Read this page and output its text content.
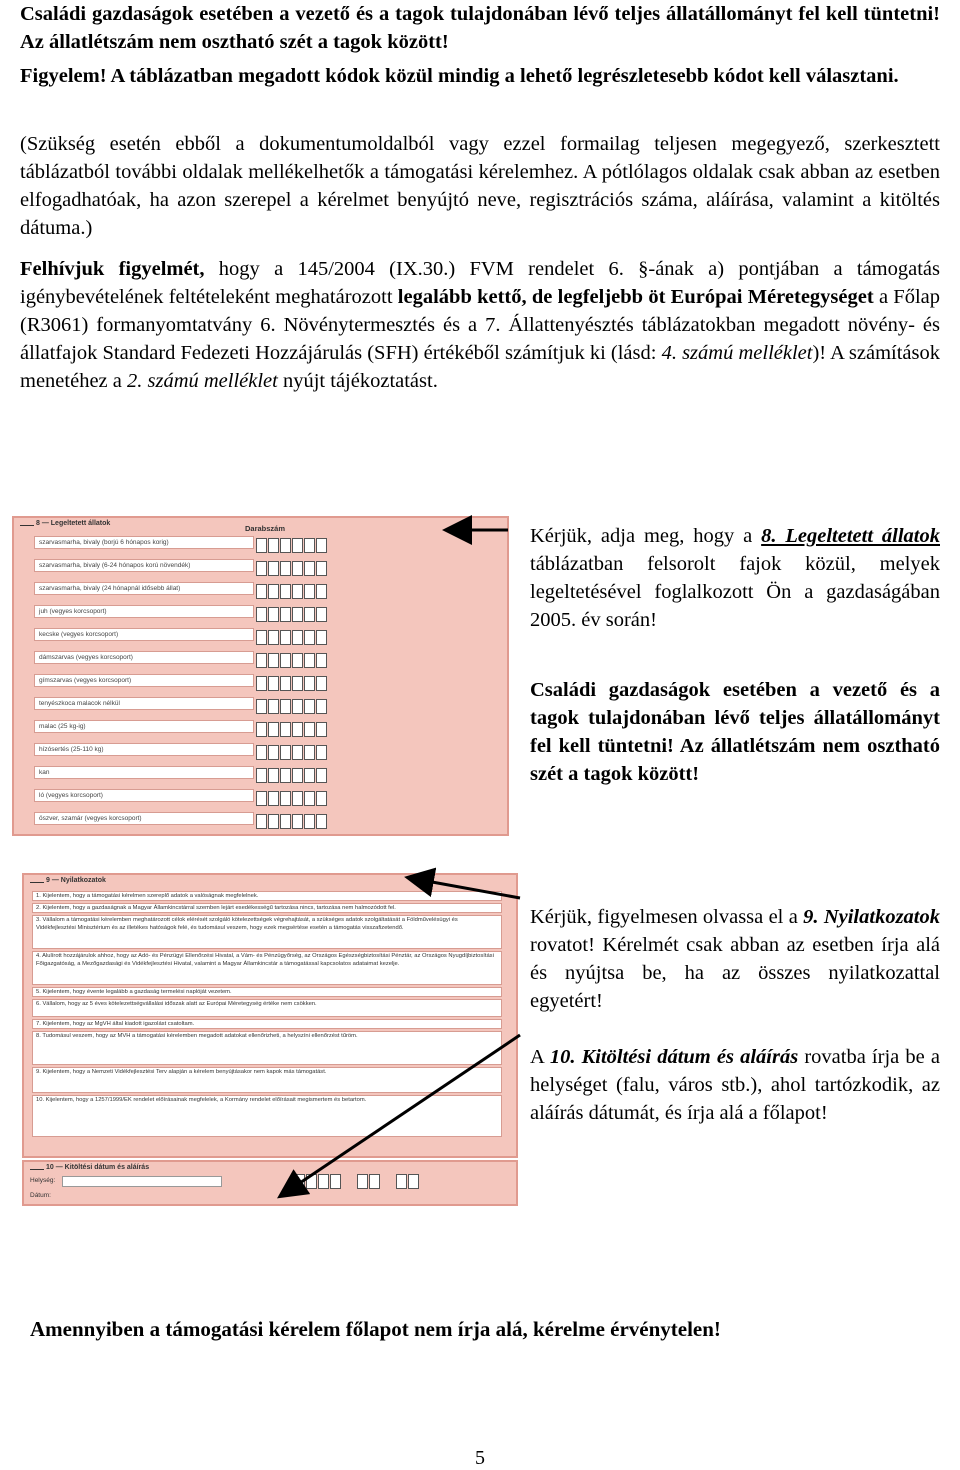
Családi gazdaságok esetében a vezető és a tagok tulajdonában lévő teljes állatállományt fel kell tüntetni! Az állatlétszám nem osztható szét a tagok között!

Figyelem! A táblázatban megadott kódok közül mindig a lehető legrészletesebb kódot kell választani.

(Szükség esetén ebből a dokumentumoldalból vagy ezzel formailag teljesen megegyező, szerkesztett táblázatból további oldalak mellékelhetők a támogatási kérelemhez. A pótlólagos oldalak csak abban az esetben elfogadhatóak, ha azon szerepel a kérelmet benyújtó neve, regisztrációs száma, aláírása, valamint a kitöltés dátuma.)

Felhívjuk figyelmét, hogy a 145/2004 (IX.30.) FVM rendelet 6. §-ának a) pontjában a támogatás igénybevételének feltételeként meghatározott legalább kettő, de legfeljebb öt Európai Méretegységet a Főlap (R3061) formanyomtatvány 6. Növénytermesztés és a 7. Állattenyésztés táblázatokban megadott növény- és állatfajok Standard Fedezeti Hozzájárulás (SFH) értékéből számítjuk ki (lásd: 4. számú melléklet)! A számítások menetéhez a 2. számú melléklet nyújt tájékoztatást.

8 — Legeltetett állatok
Darabszám
szarvasmarha, bivaly (borjú 6 hónapos korig)
szarvasmarha, bivaly (6-24 hónapos korú növendék)
szarvasmarha, bivaly (24 hónapnál idősebb állat)
juh (vegyes korcsoport)
kecske (vegyes korcsoport)
dámszarvas (vegyes korcsoport)
gímszarvas (vegyes korcsoport)
tenyészkoca malacok nélkül
malac (25 kg-ig)
hízósertés (25-110 kg)
kan
ló (vegyes korcsoport)
öszver, szamár (vegyes korcsoport)
9 — Nyilatkozatok
1. Kijelentem, hogy a támogatási kérelmen szereplő adatok a valóságnak megfelelnek.
2. Kijelentem, hogy a gazdaságnak a Magyar Államkincstárral szemben lejárt esedékességű tartozása nincs, tartozása nem halmozódott fel.
3. Vállalom a támogatási kérelemben meghatározott célok elérését szolgáló kötelezettségek végrehajtását, a szükséges adatok szolgáltatását a Földművelésügyi és Vidékfejlesztési Minisztérium és az illetékes hatóságok felé, és tudomásul veszem, hogy ezek megsértése esetén a támogatás visszafizetendő.
4. Alulírott hozzájárulok ahhoz, hogy az Adó- és Pénzügyi Ellenőrzési Hivatal, a Vám- és Pénzügyőrség, az Országos Egészségbiztosítási Pénztár, az Országos Nyugdíjbiztosítási Főigazgatóság, a Mezőgazdasági és Vidékfejlesztési Hivatal, valamint a Magyar Államkincstár a támogatással kapcsolatos adataimat kezelje.
5. Kijelentem, hogy évente legalább a gazdaság termelési naplóját vezetem.
6. Vállalom, hogy az 5 éves kötelezettségvállalási időszak alatt az Európai Méretegység értéke nem csökken.
7. Kijelentem, hogy az MgVH által kiadott igazolást csatoltam.
8. Tudomásul veszem, hogy az MVH a támogatási kérelemben megadott adatokat ellenőrizheti, a helyszíni ellenőrzést tűröm.
9. Kijelentem, hogy a Nemzeti Vidékfejlesztési Terv alapján a kérelem benyújtásakor nem kapok más támogatást.
10. Kijelentem, hogy a 1257/1999/EK rendelet előírásainak megfelelek, a Kormány rendelet előírásait megismertem és betartom.
10 — Kitöltési dátum és aláírás
Helység:
Dátum:

Kérjük, adja meg, hogy a 8. Legeltetett állatok táblázatban felsorolt fajok közül, melyek legeltetésével foglalkozott Ön a gazdaságában 2005. év során!

Családi gazdaságok esetében a vezető és a tagok tulajdonában lévő teljes állatállományt fel kell tüntetni! Az állatlétszám nem osztható szét a tagok között!

Kérjük, figyelmesen olvassa el a 9. Nyilatkozatok rovatot! Kérelmét csak abban az esetben írja alá és nyújtsa be, ha az összes nyilatkozattal egyetért!

A 10. Kitöltési dátum és aláírás rovatba írja be a helységet (falu, város stb.), ahol tartózkodik, az aláírás dátumát, és írja alá a főlapot!

Amennyiben a támogatási kérelem főlapot nem írja alá, kérelme érvénytelen!
5
